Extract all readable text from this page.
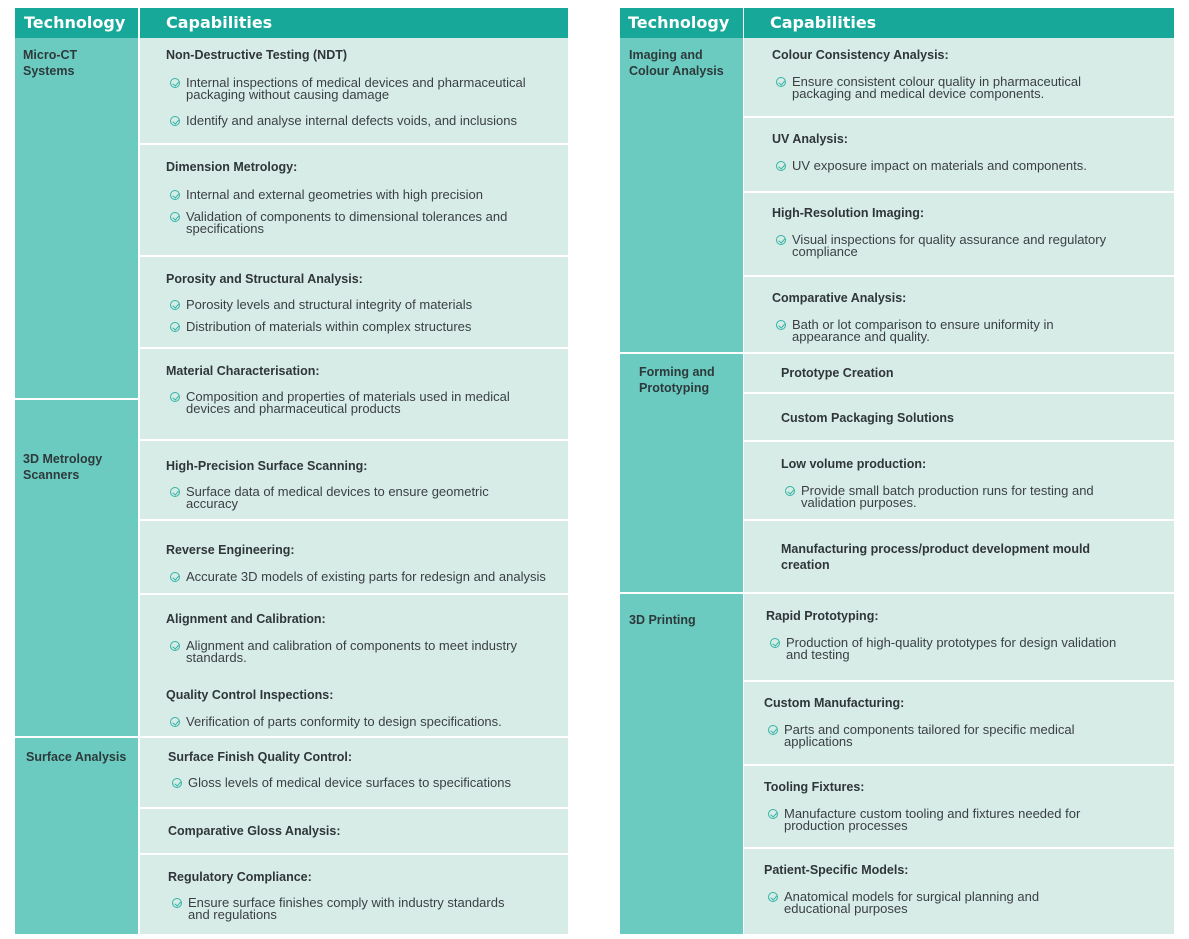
Technology	Capabilities
Micro-CT
Systems
3D Metrology
Scanners
Surface Analysis
Non-Destructive Testing (NDT)
Internal inspections of medical devices and pharmaceutical
packaging without causing damage
Identify and analyse internal defects voids, and inclusions
Dimension Metrology:
Internal and external geometries with high precision
Validation of components to dimensional tolerances and
specifications
Porosity and Structural Analysis:
Porosity levels and structural integrity of materials
Distribution of materials within complex structures
Material Characterisation:
Composition and properties of materials used in medical
devices and pharmaceutical products
High-Precision Surface Scanning:
Surface data of medical devices to ensure geometric
accuracy
Reverse Engineering:
Accurate 3D models of existing parts for redesign and analysis
Alignment and Calibration:
Alignment and calibration of components to meet industry
standards.
Quality Control Inspections:
Verification of parts conformity to design specifications.
Surface Finish Quality Control:
Gloss levels of medical device surfaces to specifications
Comparative Gloss Analysis:
Regulatory Compliance:
Ensure surface finishes comply with industry standards
and regulations
Technology	Capabilities
Imaging and
Colour Analysis
Forming and
Prototyping
3D Printing
Colour Consistency Analysis:
Ensure consistent colour quality in pharmaceutical
packaging and medical device components.
UV Analysis:
UV exposure impact on materials and components.
High-Resolution Imaging:
Visual inspections for quality assurance and regulatory
compliance
Comparative Analysis:
Bath or lot comparison to ensure uniformity in
appearance and quality.
Prototype Creation
Custom Packaging Solutions
Low volume production:
Provide small batch production runs for testing and
validation purposes.
Manufacturing process/product development mould
creation
Rapid Prototyping:
Production of high-quality prototypes for design validation
and testing
Custom Manufacturing:
Parts and components tailored for specific medical
applications
Tooling Fixtures:
Manufacture custom tooling and fixtures needed for
production processes
Patient-Specific Models:
Anatomical models for surgical planning and
educational purposes
